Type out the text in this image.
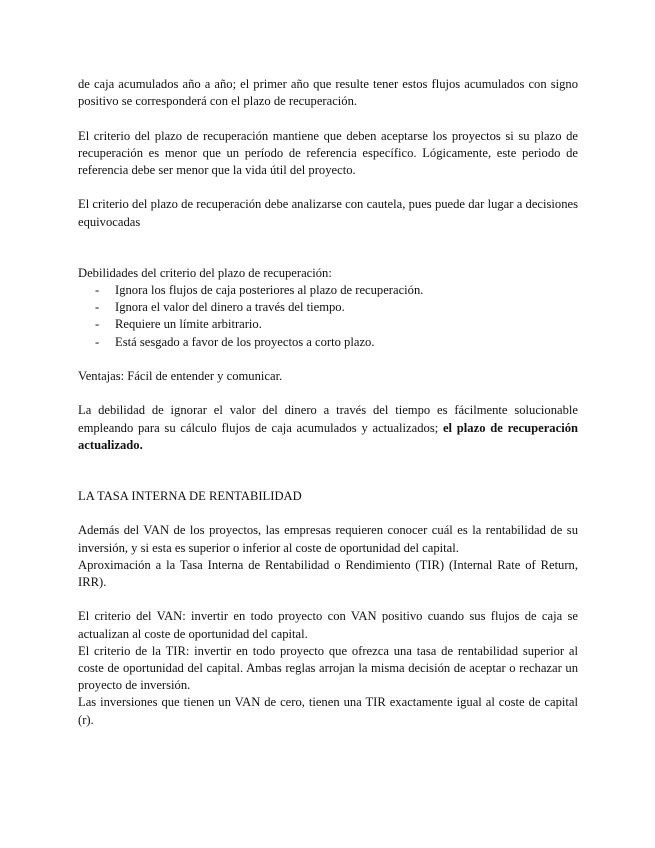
de caja acumulados año a año; el primer año que resulte tener estos flujos acumulados con signo positivo se corresponderá con el plazo de recuperación.

El criterio del plazo de recuperación mantiene que deben aceptarse los proyectos si su plazo de recuperación es menor que un período de referencia específico. Lógicamente, este periodo de referencia debe ser menor que la vida útil del proyecto.

El criterio del plazo de recuperación debe analizarse con cautela, pues puede dar lugar a decisiones equivocadas

Debilidades del criterio del plazo de recuperación:

- Ignora los flujos de caja posteriores al plazo de recuperación.
- Ignora el valor del dinero a través del tiempo.
- Requiere un límite arbitrario.
- Está sesgado a favor de los proyectos a corto plazo.

Ventajas: Fácil de entender y comunicar.

La debilidad de ignorar el valor del dinero a través del tiempo es fácilmente solucionable empleando para su cálculo flujos de caja acumulados y actualizados; el plazo de recuperación actualizado.

LA TASA INTERNA DE RENTABILIDAD

Además del VAN de los proyectos, las empresas requieren conocer cuál es la rentabilidad de su inversión, y si esta es superior o inferior al coste de oportunidad del capital.

Aproximación a la Tasa Interna de Rentabilidad o Rendimiento (TIR) (Internal Rate of Return, IRR).

El criterio del VAN: invertir en todo proyecto con VAN positivo cuando sus flujos de caja se actualizan al coste de oportunidad del capital.

El criterio de la TIR: invertir en todo proyecto que ofrezca una tasa de rentabilidad superior al coste de oportunidad del capital. Ambas reglas arrojan la misma decisión de aceptar o rechazar un proyecto de inversión.

Las inversiones que tienen un VAN de cero, tienen una TIR exactamente igual al coste de capital (r).
